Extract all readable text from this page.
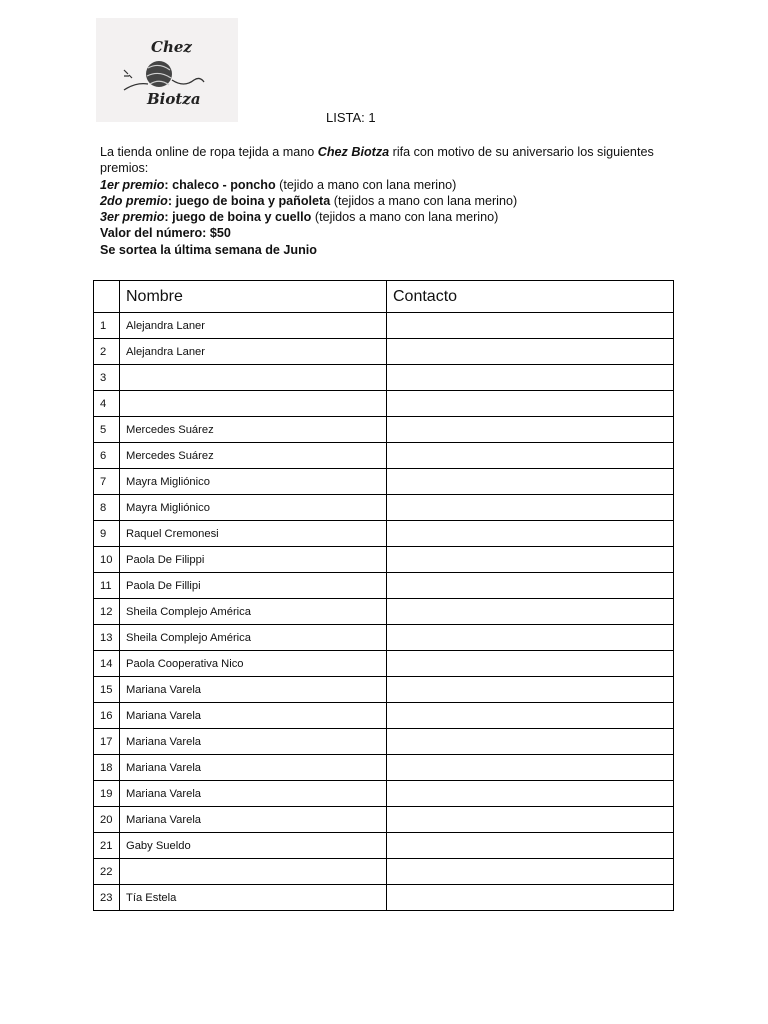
Chez
Biotza
LISTA: 1

La tienda online de ropa tejida a mano Chez Biotza rifa con motivo de su aniversario los siguientes premios:

1er premio: chaleco - poncho (tejido a mano con lana merino)

2do premio: juego de boina y pañoleta (tejidos a mano con lana merino)

3er premio: juego de boina y cuello (tejidos a mano con lana merino)

Valor del número: $50

Se sortea la última semana de Junio

	Nombre	Contacto
1	Alejandra Laner	
2	Alejandra Laner	
3		
4		
5	Mercedes Suárez	
6	Mercedes Suárez	
7	Mayra Migliónico	
8	Mayra Migliónico	
9	Raquel Cremonesi	
10	Paola De Filippi	
11	Paola De Fillipi	
12	Sheila Complejo América	
13	Sheila Complejo América	
14	Paola Cooperativa Nico	
15	Mariana Varela	
16	Mariana Varela	
17	Mariana Varela	
18	Mariana Varela	
19	Mariana Varela	
20	Mariana Varela	
21	Gaby Sueldo	
22		
23	Tía Estela	
